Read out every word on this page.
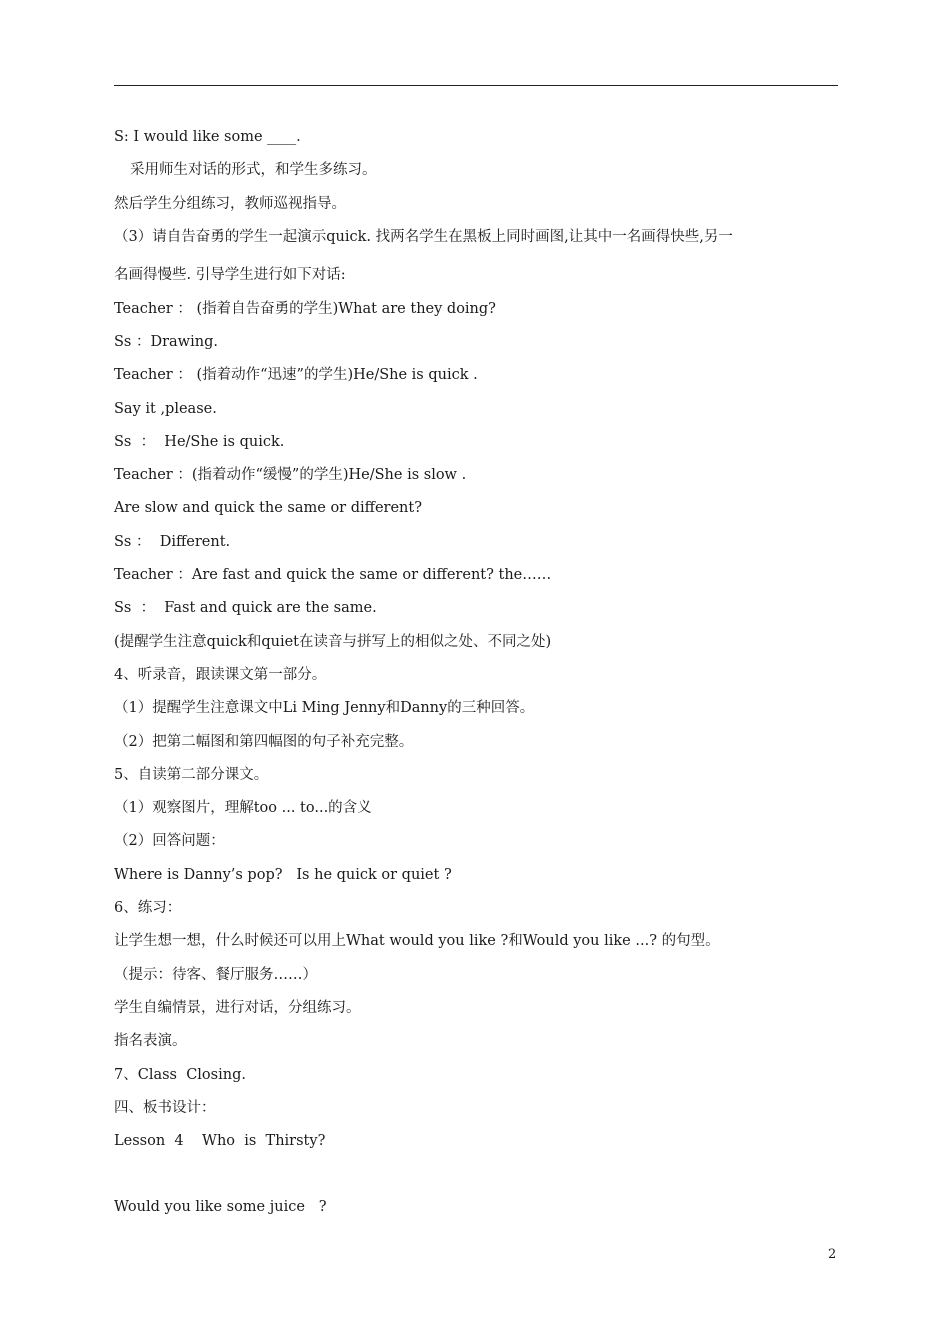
S: I would like some ____.
采用师生对话的形式，和学生多练习。
然后学生分组练习，教师巡视指导。
（3）请自告奋勇的学生一起演示quick. 找两名学生在黑板上同时画图,让其中一名画得快些,另一
名画得慢些. 引导学生进行如下对话:
Teacher ： (指着自告奋勇的学生)What are they doing?
Ss ：Drawing.
Teacher ： (指着动作“迅速”的学生)He/She is quick .
Say it ,please.
Ss  ：  He/She is quick.
Teacher ：(指着动作“缓慢”的学生)He/She is slow .
Are slow and quick the same or different?
Ss ：  Different.
Teacher ：Are fast and quick the same or different? the……
Ss  ：  Fast and quick are the same.
(提醒学生注意quick和quiet在读音与拼写上的相似之处、不同之处)
4、听录音，跟读课文第一部分。
（1）提醒学生注意课文中Li Ming Jenny和Danny的三种回答。
（2）把第二幅图和第四幅图的句子补充完整。
5、自读第二部分课文。
（1）观察图片，理解too ... to...的含义
（2）回答问题：
Where is Danny’s pop?   Is he quick or quiet ?
6、练习：
让学生想一想，什么时候还可以用上What would you like ?和Would you like ...? 的句型。
（提示：待客、餐厅服务……）
学生自编情景，进行对话，分组练习。
指名表演。
7、Class  Closing.
四、板书设计：
Lesson  4    Who  is  Thirsty?
Would you like some juice   ?
2
